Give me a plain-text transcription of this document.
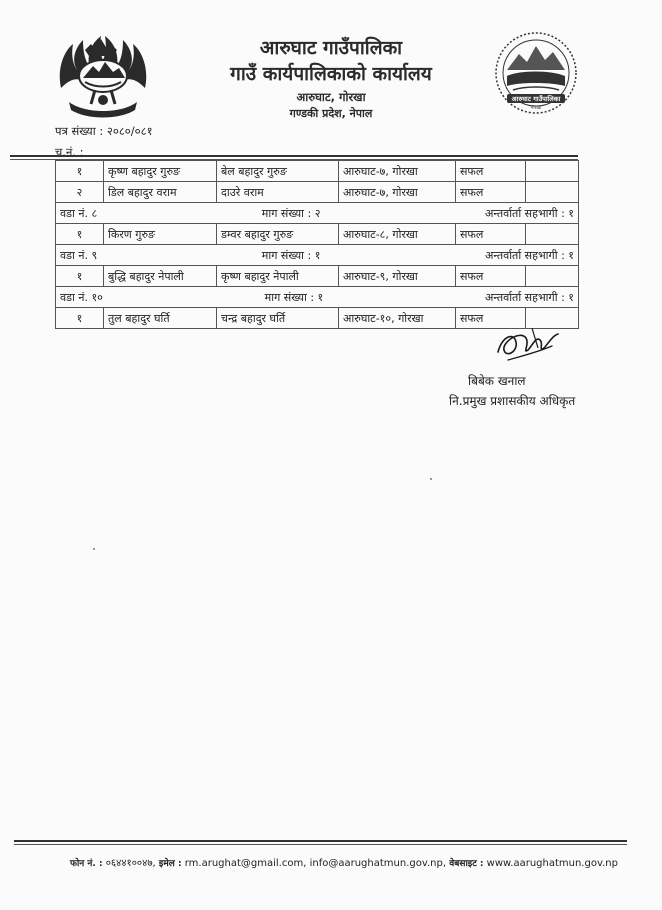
आरुघाट गाउँपालिका
गाउँ कार्यपालिकाको कार्यालय
आरुघाट, गोरखा
गण्डकी प्रदेश, नेपाल
आरुघाट गाउँपालिका
गोरखा
पत्र संख्या : २०८०/०८१
च.नं. :
१	कृष्ण बहादुर गुरुङ	बेल बहादुर गुरुङ	आरुघाट-७, गोरखा	सफल	
२	डिल बहादुर वराम	दाउरे वराम	आरुघाट-७, गोरखा	सफल	

वडा नं. ८ माग संख्या : २ अन्तर्वार्ता सहभागी : १					

१	किरण गुरुङ	डम्वर बहादुर गुरुङ	आरुघाट-८, गोरखा	सफल	

वडा नं. ९ माग संख्या : १ अन्तर्वार्ता सहभागी : १					

१	बुद्धि बहादुर नेपाली	कृष्ण बहादुर नेपाली	आरुघाट-९, गोरखा	सफल	

वडा नं. १० माग संख्या : १ अन्तर्वार्ता सहभागी : १					

१	तुल बहादुर घर्ति	चन्द्र बहादुर घर्ति	आरुघाट-१०, गोरखा	सफल	
बिबेक खनाल
नि.प्रमुख प्रशासकीय अधिकृत
फोन नं. : ०६४४१००४७, इमेल : rm.arughat@gmail.com, info@aarughatmun.gov.np, वेबसाइट : www.aarughatmun.gov.np
